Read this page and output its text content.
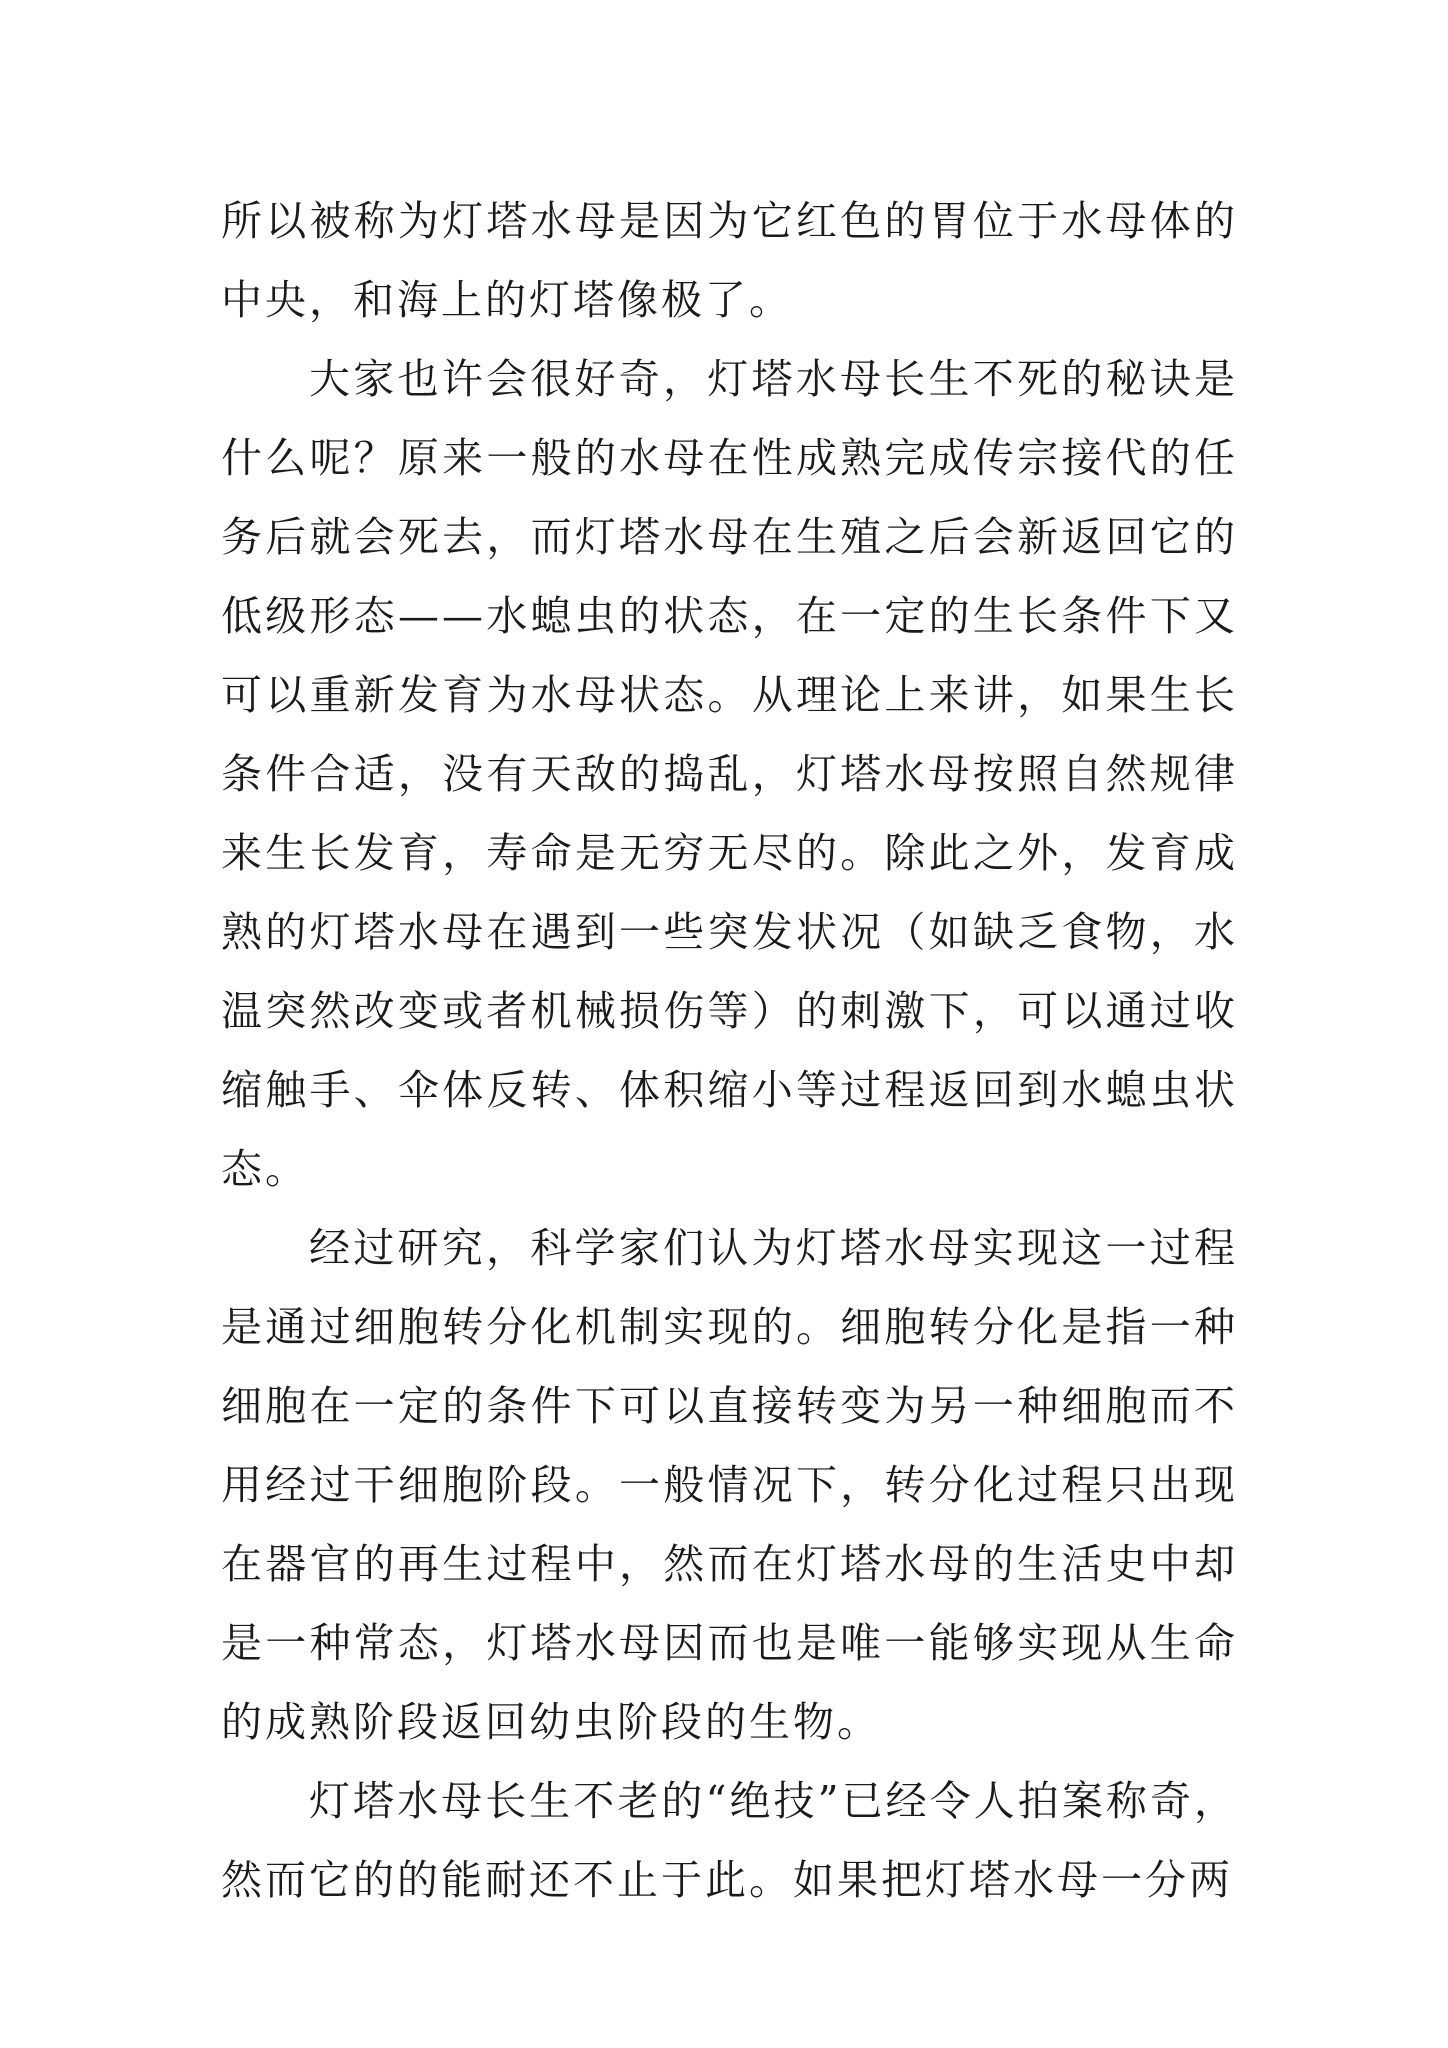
所以被称为灯塔水母是因为它红色的胃位于水母体的中央，和海上的灯塔像极了。

大家也许会很好奇，灯塔水母长生不死的秘诀是什么呢？原来一般的水母在性成熟完成传宗接代的任务后就会死去，而灯塔水母在生殖之后会新返回它的低级形态——水螅虫的状态，在一定的生长条件下又可以重新发育为水母状态。从理论上来讲，如果生长条件合适，没有天敌的捣乱，灯塔水母按照自然规律来生长发育，寿命是无穷无尽的。除此之外，发育成熟的灯塔水母在遇到一些突发状况（如缺乏食物，水温突然改变或者机械损伤等）的刺激下，可以通过收缩触手、伞体反转、体积缩小等过程返回到水螅虫状态。

经过研究，科学家们认为灯塔水母实现这一过程是通过细胞转分化机制实现的。细胞转分化是指一种细胞在一定的条件下可以直接转变为另一种细胞而不用经过干细胞阶段。一般情况下，转分化过程只出现在器官的再生过程中，然而在灯塔水母的生活史中却是一种常态，灯塔水母因而也是唯一能够实现从生命的成熟阶段返回幼虫阶段的生物。

灯塔水母长生不老的“绝技”已经令人拍案称奇，然而它的的能耐还不止于此。如果把灯塔水母一分两
